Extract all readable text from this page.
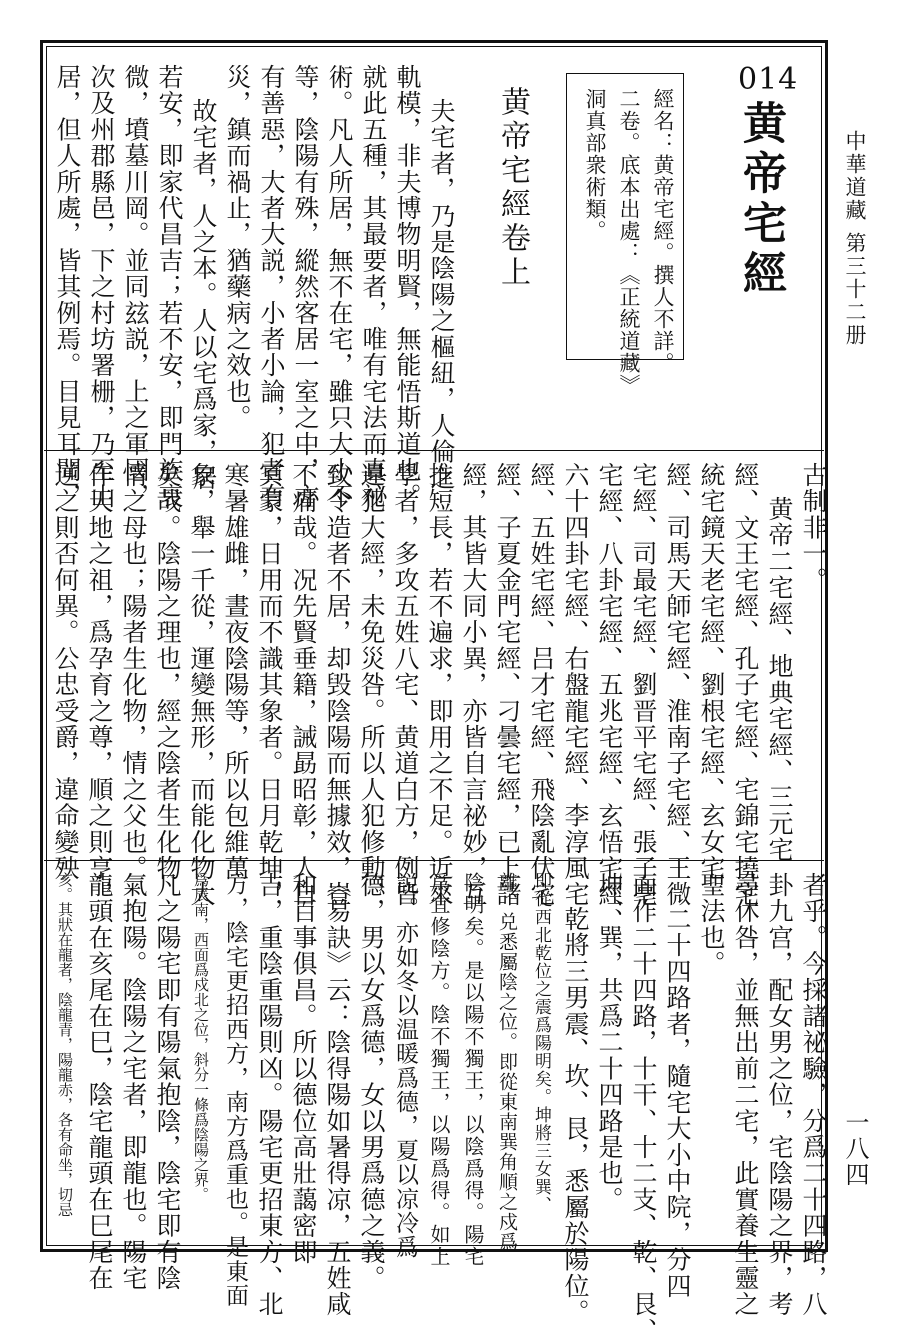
中華道藏
第三十二册
一八四
014
黄帝宅經
經名：黄帝宅經。撰人不詳。
二卷。底本出處：《正統道藏》
洞真部衆術類。
黄帝宅經卷上
夫宅者，乃是陰陽之樞紐，人倫之
軌模，非夫博物明賢，無能悟斯道也。
就此五種，其最要者，唯有宅法而真祕
術。凡人所居，無不在宅，雖只大小不
等，陰陽有殊，縱然客居一室之中，亦
有善惡，大者大説，小者小論，犯者有
災，鎮而禍止，猶藥病之效也。
故宅者，人之本。人以宅爲家，居
若安，即家代昌吉；若不安，即門族衰
微，墳墓川岡。並同玆説，上之軍國，
次及州郡縣邑，下之村坊署栅，乃至山
居，但人所處，皆其例焉。目見耳聞，
古制非一。
黄帝二宅經、地典宅經、三元宅
經、文王宅經、孔子宅經、宅錦宅撓宅
統宅鏡天老宅經、劉根宅經、玄女宅
經、司馬天師宅經、淮南子宅經、王微
宅經、司最宅經、劉晋平宅經、張子亳
宅經、八卦宅經、五兆宅經、玄悟宅經、
六十四卦宅經、右盤龍宅經、李淳風宅
經、五姓宅經、吕才宅經、飛陰亂伏宅
經、子夏金門宅經、刁曇宅經，已上諸
經，其皆大同小異，亦皆自言祕妙，互
推短長，若不遍求，即用之不足。近來
學者，多攻五姓八宅、黄道白方，例皆
違犯大經，未免災咎。所以人犯修動，
致令造者不居，却毁陰陽而無據效，豈
不痛哉。况先賢垂籍，誡勗昭彰，人自
冥蒙，日用而不識其象者。日月乾坤，
寒暑雄雌，晝夜陰陽等，所以包維萬
象，舉一千從，運變無形，而能化物大
矣哉。陰陽之理也，經之陰者生化物
情之母也；陽者生化物，情之父也。
作天地之祖，爲孕育之尊，順之則亨，
逆之則否何異。公忠受爵，違命變殃
者乎。今採諸祕驗，分爲二十四路，八
卦九宫，配女男之位，宅陰陽之界，考
尋休咎，並無出前二宅，此實養生靈之
聖法也。
二十四路者，隨宅大小中院，分四
面作二十四路，十干、十二支、乾、艮、
坤、巽，共爲二十四路是也。
乾將三男震、坎、艮，悉屬於陽位。
即從西北乾位之震爲陽明矣。坤將三女巽、
離、兑悉屬陰之位。即從東南巽角順之戍爲
陰明矣。是以陽不獨王，以陰爲得。陽宅
爲宜修陰方。陰不獨王，以陽爲得。如上
説。亦如冬以温暖爲德，夏以凉冷爲
德，男以女爲德，女以男爲德之義。
《易訣》云：陰得陽如暑得凉，五姓咸
和百事俱昌。所以德位高壯藹密即
吉，重陰重陽則凶。陽宅更招東方、北
方，陰宅更招西方，南方爲重也。是東面
爲辰南，西面爲戍北之位，斜分一條爲陰陽之界。
凡之陽宅即有陽氣抱陰，陰宅即有陰
氣抱陽。陰陽之宅者，即龍也。陽宅
龍頭在亥尾在巳，陰宅龍頭在巳尾在
亥。其狀在龍者，陰龍青，陽龍赤，各有命坐，切忌
